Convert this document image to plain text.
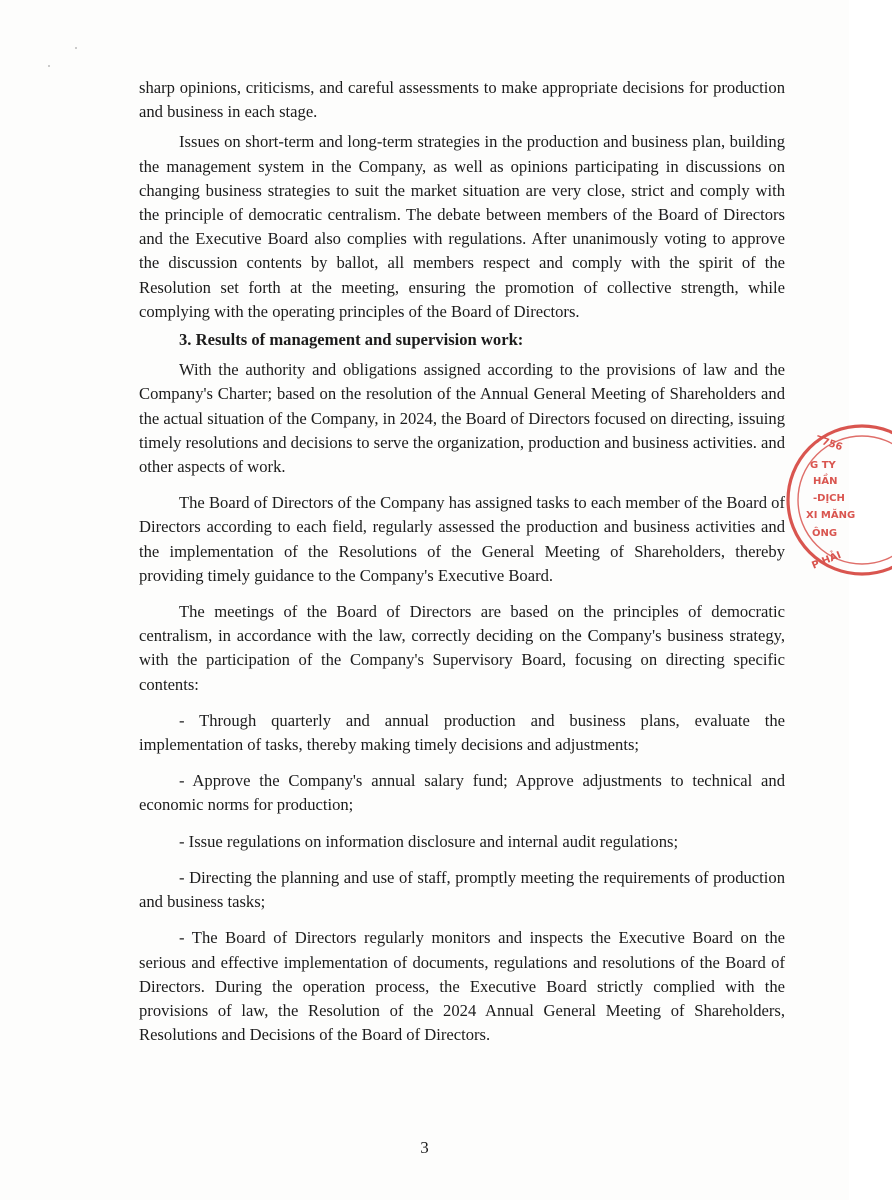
sharp opinions, criticisms, and careful assessments to make appropriate decisions for production and business in each stage.

Issues on short-term and long-term strategies in the production and business plan, building the management system in the Company, as well as opinions participating in discussions on changing business strategies to suit the market situation are very close, strict and comply with the principle of democratic centralism. The debate between members of the Board of Directors and the Executive Board also complies with regulations. After unanimously voting to approve the discussion contents by ballot, all members respect and comply with the spirit of the Resolution set forth at the meeting, ensuring the promotion of collective strength, while complying with the operating principles of the Board of Directors.

3. Results of management and supervision work:

With the authority and obligations assigned according to the provisions of law and the Company's Charter; based on the resolution of the Annual General Meeting of Shareholders and the actual situation of the Company, in 2024, the Board of Directors focused on directing, issuing timely resolutions and decisions to serve the organization, production and business activities. and other aspects of work.

The Board of Directors of the Company has assigned tasks to each member of the Board of Directors according to each field, regularly assessed the production and business activities and the implementation of the Resolutions of the General Meeting of Shareholders, thereby providing timely guidance to the Company's Executive Board.

The meetings of the Board of Directors are based on the principles of democratic centralism, in accordance with the law, correctly deciding on the Company's business strategy, with the participation of the Company's Supervisory Board, focusing on directing specific contents:

- Through quarterly and annual production and business plans, evaluate the implementation of tasks, thereby making timely decisions and adjustments;

- Approve the Company's annual salary fund; Approve adjustments to technical and economic norms for production;

- Issue regulations on information disclosure and internal audit regulations;

- Directing the planning and use of staff, promptly meeting the requirements of production and business tasks;

- The Board of Directors regularly monitors and inspects the Executive Board on the serious and effective implementation of documents, regulations and resolutions of the Board of Directors. During the operation process, the Executive Board strictly complied with the provisions of law, the Resolution of the 2024 Annual General Meeting of Shareholders, Resolutions and Decisions of the Board of Directors.

3
7756
G TY
HẦN
-DỊCH
XI MĂNG
ÔNG
P HẢI
